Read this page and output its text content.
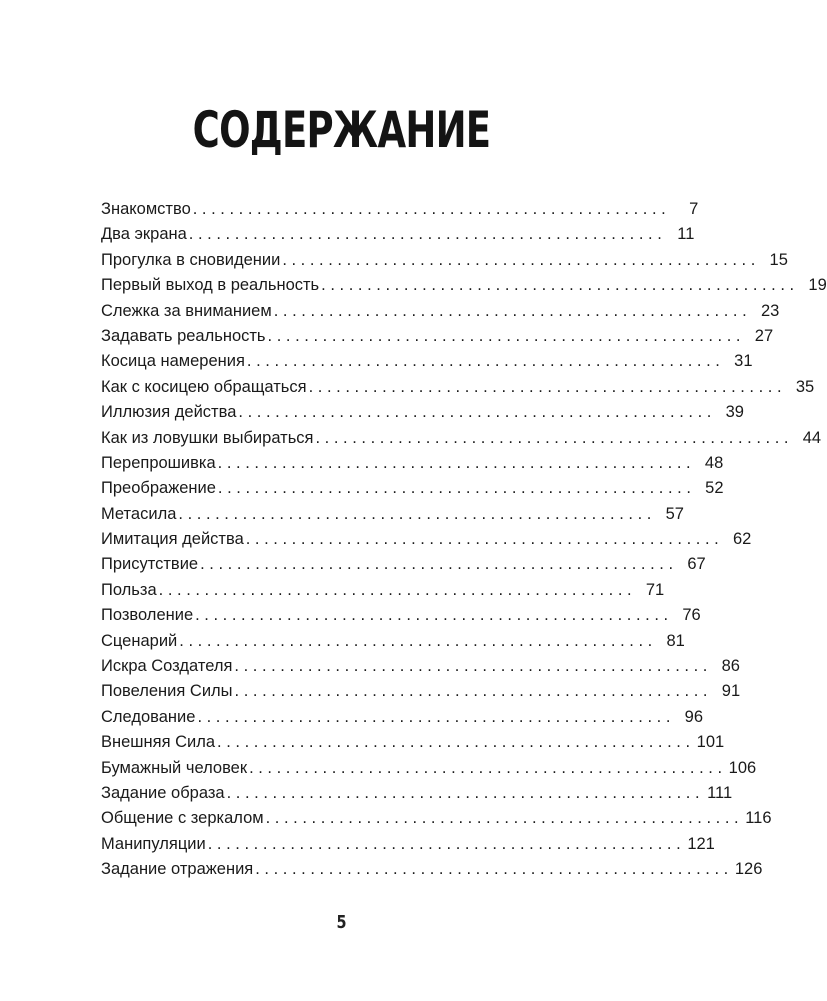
СОДЕРЖАНИЕ
Знакомство ....................................................	7
Два экрана .................................................... 11
Прогулка в сновидении .................................................... 15
Первый выход в реальность .................................................... 19
Слежка за вниманием .................................................... 23
Задавать реальность .................................................... 27
Косица намерения .................................................... 31
Как с косицею обращаться .................................................... 35
Иллюзия действа .................................................... 39
Как из ловушки выбираться .................................................... 44
Перепрошивка .................................................... 48
Преображение .................................................... 52
Метасила .................................................... 57
Имитация действа .................................................... 62
Присутствие .................................................... 67
Польза .................................................... 71
Позволение .................................................... 76
Сценарий .................................................... 81
Искра Создателя .................................................... 86
Повеления Силы .................................................... 91
Следование .................................................... 96
Внешняя Сила .................................................... 101
Бумажный человек .................................................... 106
Задание образа .................................................... 111
Общение с зеркалом .................................................... 116
Манипуляции .................................................... 121
Задание отражения .................................................... 126
5
